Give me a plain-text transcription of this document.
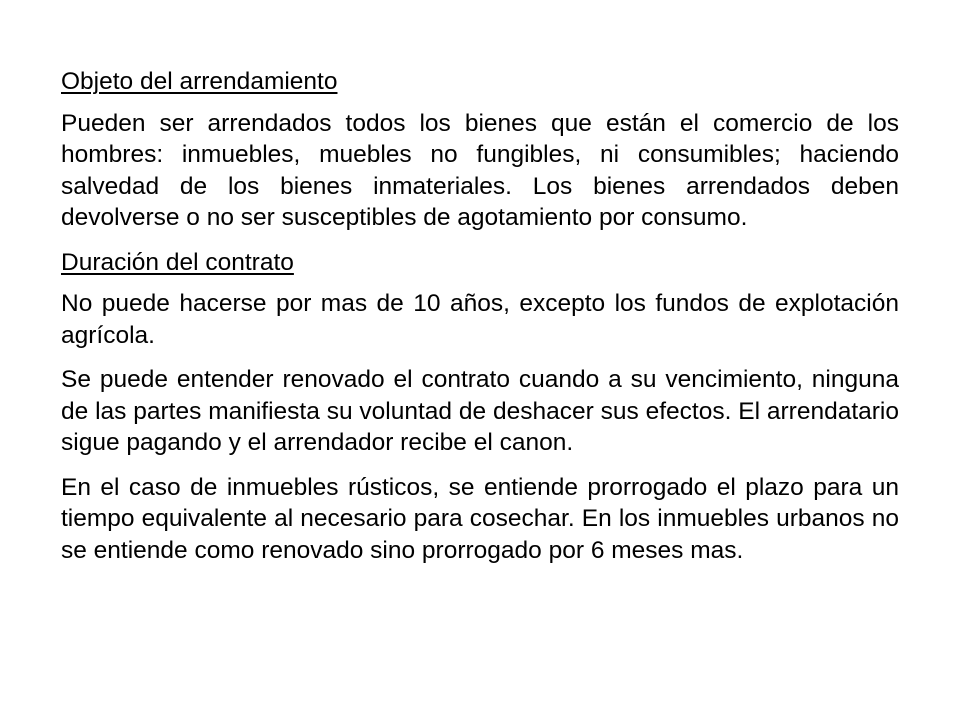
Objeto del arrendamiento

Pueden ser arrendados todos los bienes que están el comercio de los hombres: inmuebles, muebles no fungibles, ni consumibles; haciendo salvedad de los bienes inmateriales. Los bienes arrendados deben devolverse o no ser susceptibles de agotamiento por consumo.

Duración del contrato

No puede hacerse por mas de 10 años, excepto los fundos de explotación agrícola.

Se puede entender renovado el contrato cuando a su vencimiento, ninguna de las partes manifiesta su voluntad de deshacer sus efectos. El arrendatario sigue pagando y el arrendador recibe el canon.

En el caso de inmuebles rústicos, se entiende prorrogado el plazo para un tiempo equivalente al necesario para cosechar. En los inmuebles urbanos no se entiende como renovado sino prorrogado por 6 meses mas.
